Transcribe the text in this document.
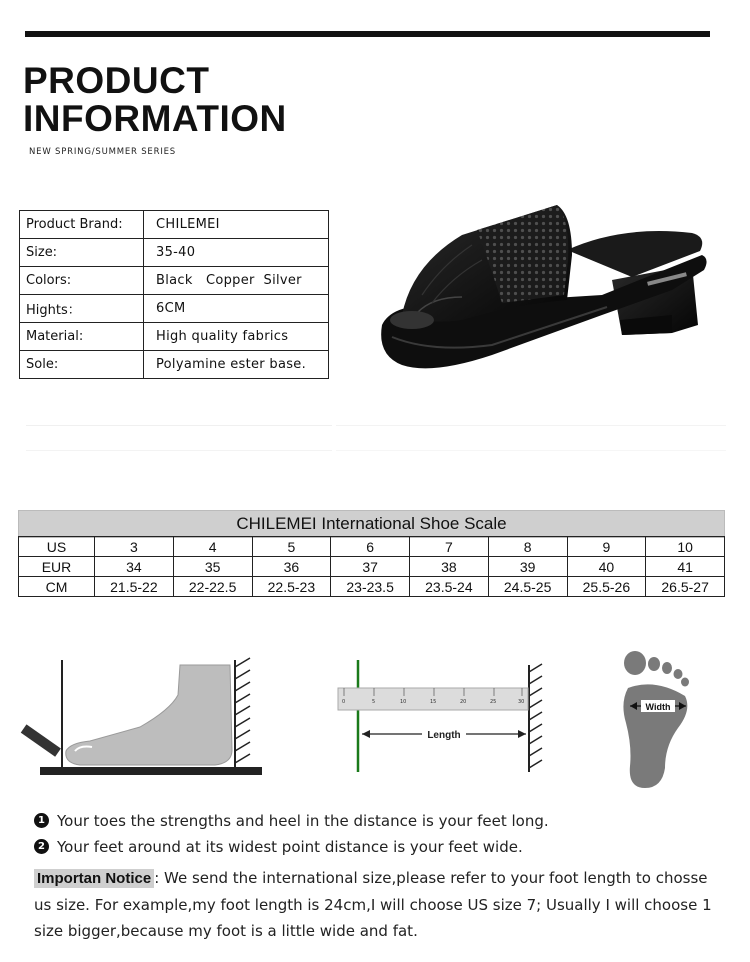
PRODUCT
INFORMATION
NEW SPRING/SUMMER SERIES
Product Brand:	CHILEMEI
Size:	35-40
Colors:	Black   Copper  Silver
Hights：	6CM
Material:	High quality fabrics
Sole:	Polyamine ester base.
CHILEMEI International Shoe Scale
US	3	4	5	6	7	8	9	10
EUR	34	35	36	37	38	39	40	41
CM	21.5-22	22-22.5	22.5-23	23-23.5	23.5-24	24.5-25	25.5-26	26.5-27
0	5	10	15	20	25	30
Length
Width
1 Your toes the strengths and heel in the distance is your feet long.
2 Your feet around at its widest point distance is your feet wide.
Importan Notice : We send the international size,please refer to your foot length to chosse us size. For example,my foot length is 24cm,I will choose US size 7; Usually I will choose 1 size bigger,because my foot is a little wide and fat.
